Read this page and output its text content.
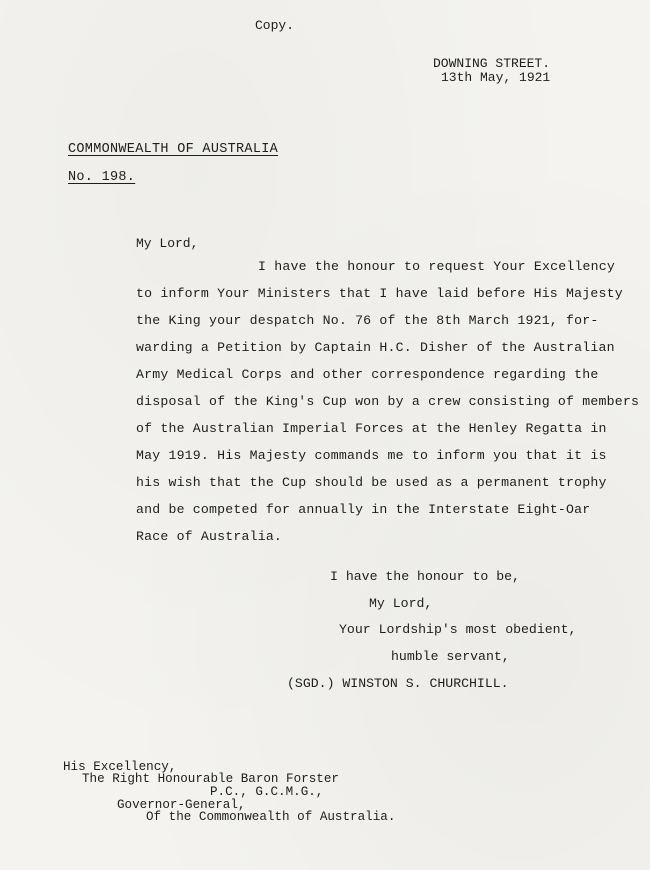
Copy.
DOWNING STREET.
13th May, 1921
COMMONWEALTH OF AUSTRALIA
No. 198.
My Lord,
I have the honour to request Your Excellency
to inform Your Ministers that I have laid before His Majesty
the King your despatch No. 76 of the 8th March 1921, for-
warding a Petition by Captain H.C. Disher of the Australian
Army Medical Corps and other correspondence regarding the
disposal of the King's Cup won by a crew consisting of members
of the Australian Imperial Forces at the Henley Regatta in
May 1919. His Majesty commands me to inform you that it is
his wish that the Cup should be used as a permanent trophy
and be competed for annually in the Interstate Eight-Oar
Race of Australia.
I have the honour to be,
My Lord,
Your Lordship's most obedient,
humble servant,
(SGD.) WINSTON S. CHURCHILL.
His Excellency,
The Right Honourable Baron Forster
P.C., G.C.M.G.,
Governor-General,
Of the Commonwealth of Australia.
